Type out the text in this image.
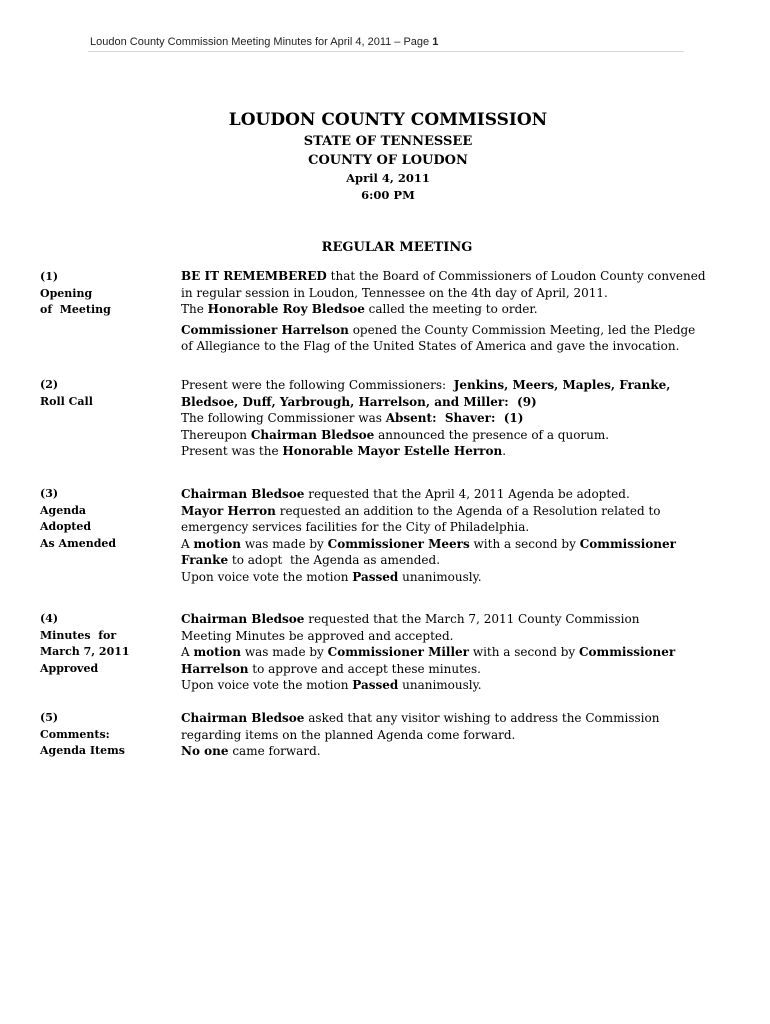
Loudon County Commission Meeting Minutes for April 4, 2011 – Page 1
LOUDON COUNTY COMMISSION
STATE OF TENNESSEE
COUNTY OF LOUDON
April 4, 2011
6:00 PM
REGULAR MEETING
(1)
Opening
of  Meeting

BE IT REMEMBERED that the Board of Commissioners of Loudon County convened

in regular session in Loudon, Tennessee on the 4th day of April, 2011.

The Honorable Roy Bledsoe called the meeting to order.

Commissioner Harrelson opened the County Commission Meeting, led the Pledge

of Allegiance to the Flag of the United States of America and gave the invocation.

(2)
Roll Call

Present were the following Commissioners:  Jenkins, Meers, Maples, Franke,

Bledsoe, Duff, Yarbrough, Harrelson, and Miller:  (9)

The following Commissioner was Absent:  Shaver:  (1)

Thereupon Chairman Bledsoe announced the presence of a quorum.

Present was the Honorable Mayor Estelle Herron.

(3)
Agenda
Adopted
As Amended

Chairman Bledsoe requested that the April 4, 2011 Agenda be adopted.

Mayor Herron requested an addition to the Agenda of a Resolution related to

emergency services facilities for the City of Philadelphia.

A motion was made by Commissioner Meers with a second by Commissioner

Franke to adopt  the Agenda as amended.

Upon voice vote the motion Passed unanimously.

(4)
Minutes  for
March 7, 2011
Approved

Chairman Bledsoe requested that the March 7, 2011 County Commission

Meeting Minutes be approved and accepted.

A motion was made by Commissioner Miller with a second by Commissioner

Harrelson to approve and accept these minutes.

Upon voice vote the motion Passed unanimously.

(5)
Comments:
Agenda Items

Chairman Bledsoe asked that any visitor wishing to address the Commission

regarding items on the planned Agenda come forward.

No one came forward.
